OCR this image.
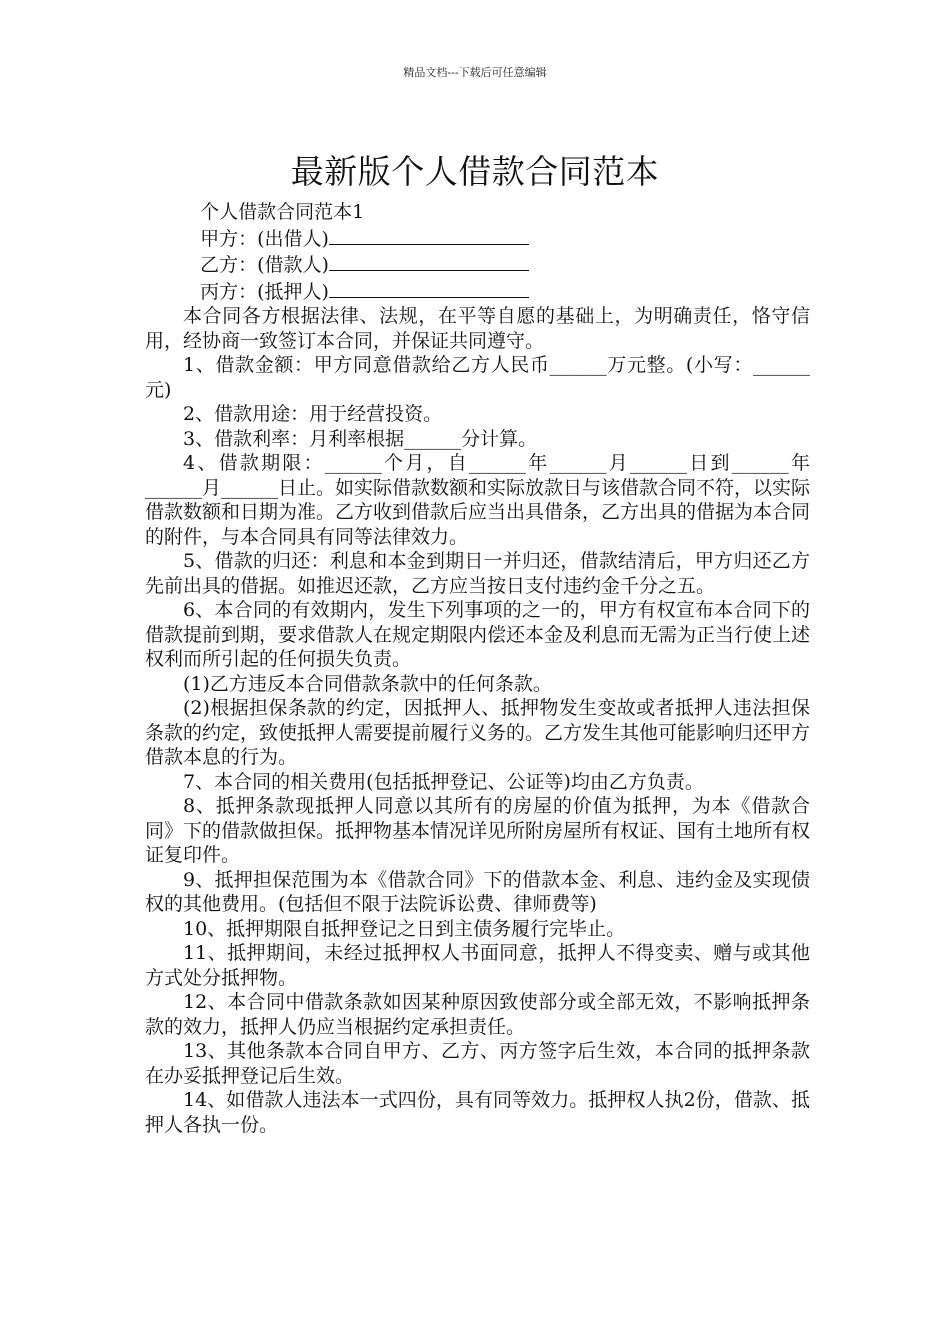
精品文档---下载后可任意编辑
最新版个人借款合同范本

个人借款合同范本1

甲方：(出借人)

乙方：(借款人)

丙方：(抵押人)

本合同各方根据法律、法规，在平等自愿的基础上，为明确责任，恪守信用，经协商一致签订本合同，并保证共同遵守。

1、借款金额：甲方同意借款给乙方人民币______万元整。(小写：______元)

2、借款用途：用于经营投资。

3、借款利率：月利率根据______分计算。

4、借款期限：______个月，自______年______月______日到______年______月______日止。如实际借款数额和实际放款日与该借款合同不符，以实际借款数额和日期为准。乙方收到借款后应当出具借条，乙方出具的借据为本合同的附件，与本合同具有同等法律效力。

5、借款的归还：利息和本金到期日一并归还，借款结清后，甲方归还乙方先前出具的借据。如推迟还款，乙方应当按日支付违约金千分之五。

6、本合同的有效期内，发生下列事项的之一的，甲方有权宣布本合同下的借款提前到期，要求借款人在规定期限内偿还本金及利息而无需为正当行使上述权利而所引起的任何损失负责。

(1)乙方违反本合同借款条款中的任何条款。

(2)根据担保条款的约定，因抵押人、抵押物发生变故或者抵押人违法担保条款的约定，致使抵押人需要提前履行义务的。乙方发生其他可能影响归还甲方借款本息的行为。

7、本合同的相关费用(包括抵押登记、公证等)均由乙方负责。

8、抵押条款现抵押人同意以其所有的房屋的价值为抵押，为本《借款合同》下的借款做担保。抵押物基本情况详见所附房屋所有权证、国有土地所有权证复印件。

9、抵押担保范围为本《借款合同》下的借款本金、利息、违约金及实现债权的其他费用。(包括但不限于法院诉讼费、律师费等)

10、抵押期限自抵押登记之日到主债务履行完毕止。

11、抵押期间，未经过抵押权人书面同意，抵押人不得变卖、赠与或其他方式处分抵押物。

12、本合同中借款条款如因某种原因致使部分或全部无效，不影响抵押条款的效力，抵押人仍应当根据约定承担责任。

13、其他条款本合同自甲方、乙方、丙方签字后生效，本合同的抵押条款在办妥抵押登记后生效。

14、如借款人违法本一式四份，具有同等效力。抵押权人执2份，借款、抵押人各执一份。
